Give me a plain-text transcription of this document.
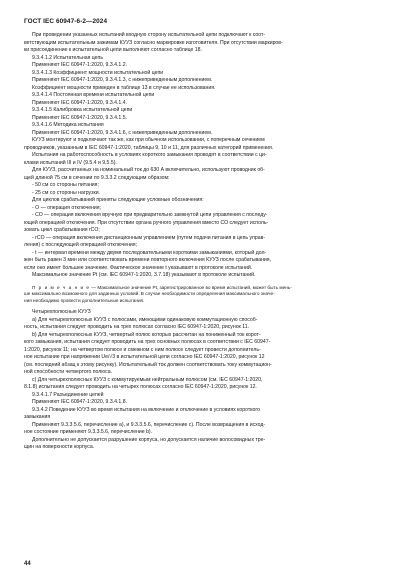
ГОСТ IEC 60947-6-2—2024
При проведении указанных испытаний входную сторону испытательной цепи подключают к соот-
ветствующим испытательным зажимам КУУЗ согласно маркировке изготовителя. При отсутствии маркиров-
ки присоединение к испытательной цепи выполняют согласно таблице 18.
9.3.4.1.2 Испытательная цепь
Применяют IEC 60947-1:2020, 9.3.4.1.2.
9.3.4.1.3 Коэффициент мощности испытательной цепи
Применяют IEC 60947-1:2020, 9.3.4.1.3, с нижеприведенным дополнением.
Коэффициент мощности приведен в таблице 13 в случае ее использования.
9.3.4.1.4 Постоянная времени испытательной цепи
Применяют IEC 60947-1:2020, 9.3.4.1.4.
9.3.4.1.5 Калибровка испытательной цепи
Применяют IEC 60947-1:2020, 9.3.4.1.5.
9.3.4.1.6 Методика испытания
Применяют IEC 60947-1:2020, 9.3.4.1.6, с нижеприведенным дополнением.
КУУЗ монтируют и подключают так же, как при обычном использовании, с поперечным сечением
проводников, указанным в IEC 60947-1:2020, таблицы 9, 10 и 11, для различных категорий применения.
Испытания на работоспособность в условиях короткого замыкания проводят в соответствии с ци-
клами испытаний III и IV (9.5.4 и 9.5.5).
Для КУУЗ, рассчитанных на номинальный ток до 630 А включительно, используют проводник об-
щей длиной 75 см в сечении по 9.3.3.2 следующим образом:
- 50 см со стороны питания;
- 25 см со стороны нагрузки.
Для циклов срабатываний приняты следующие условные обозначения:
- О — операция отключения;
- СО — операция включения вручную при предварительно замкнутой цепи управления с последу-
ющей операцией отключения. При отсутствии органа ручного управления вместо СО следует исполь-
зовать цикл срабатывания rCO;
- rCO — операция включения дистанционным управлением (путем подачи питания в цепь управ-
ления) с последующей операцией отключения;
- t — интервал времени между двумя последовательными короткими замыканиями, который дол-
жен быть равен 3 мин или соответствовать времени повторного включения КУУЗ после срабатывания,
если оно имеет большее значение. Фактическое значение t указывают в протоколе испытаний.
Максимальное значение Pt (см. IEC 60947-1:2020, 3.7.18) указывают в протоколе испытаний.
П р и м е ч а н и е — Максимальное значение Pt, зарегистрированное во время испытаний, может быть мень-
ше максимально возможного для заданных условий. В случае необходимости определения максимального значе-
ния необходимо провести дополнительные испытания.
Четырехполюсные КУУЗ
а) Для четырехполюсных КУУЗ с полюсами, имеющими одинаковую коммутационную способ-
ность, испытания следует проводить на трех полюсах согласно IEC 60947-1:2020, рисунок 11.
b) Для четырехполюсных КУУЗ, четвертый полюс которых рассчитан на пониженный ток корот-
кого замыкания, испытания следует проводить на трех основных полюсах в соответствии с IEC 60947-
1:2020, рисунок 11; на четвертом полюсе и смежном с ним полюсе следует провести дополнитель-
ное испытание при напряжении Ue/√3 в испытательной цепи согласно IEC 60947-1:2020, рисунок 12
(см. последний абзац к этому рисунку). Испытательный ток должен соответствовать току коммутацион-
ной способности четвертого полюса.
с) Для четырехполюсных КУУЗ с коммутируемым нейтральным полюсом (см. IEC 60947-1:2020,
8.1.8) испытания следует проводить на четырех полюсах согласно IEC 60947-1:2020, рисунок 12.
9.3.4.1.7 Разъединение цепей
Применяют IEC 60947-1:2020, 9.3.4.1.8.
9.3.4.2 Поведение КУУЗ во время испытания на включение и отключение в условиях короткого
замыкания
Применяют 9.3.3.5.6, перечисление а), и 9.3.3.5.6, перечисление с). После возвращения в исход-
ное состояние применяют 9.3.3.5.6, перечисление b).
Дополнительно не допускается разрушение корпуса, но допускается наличие волосовидных тре-
щин на поверхности корпуса.
44
